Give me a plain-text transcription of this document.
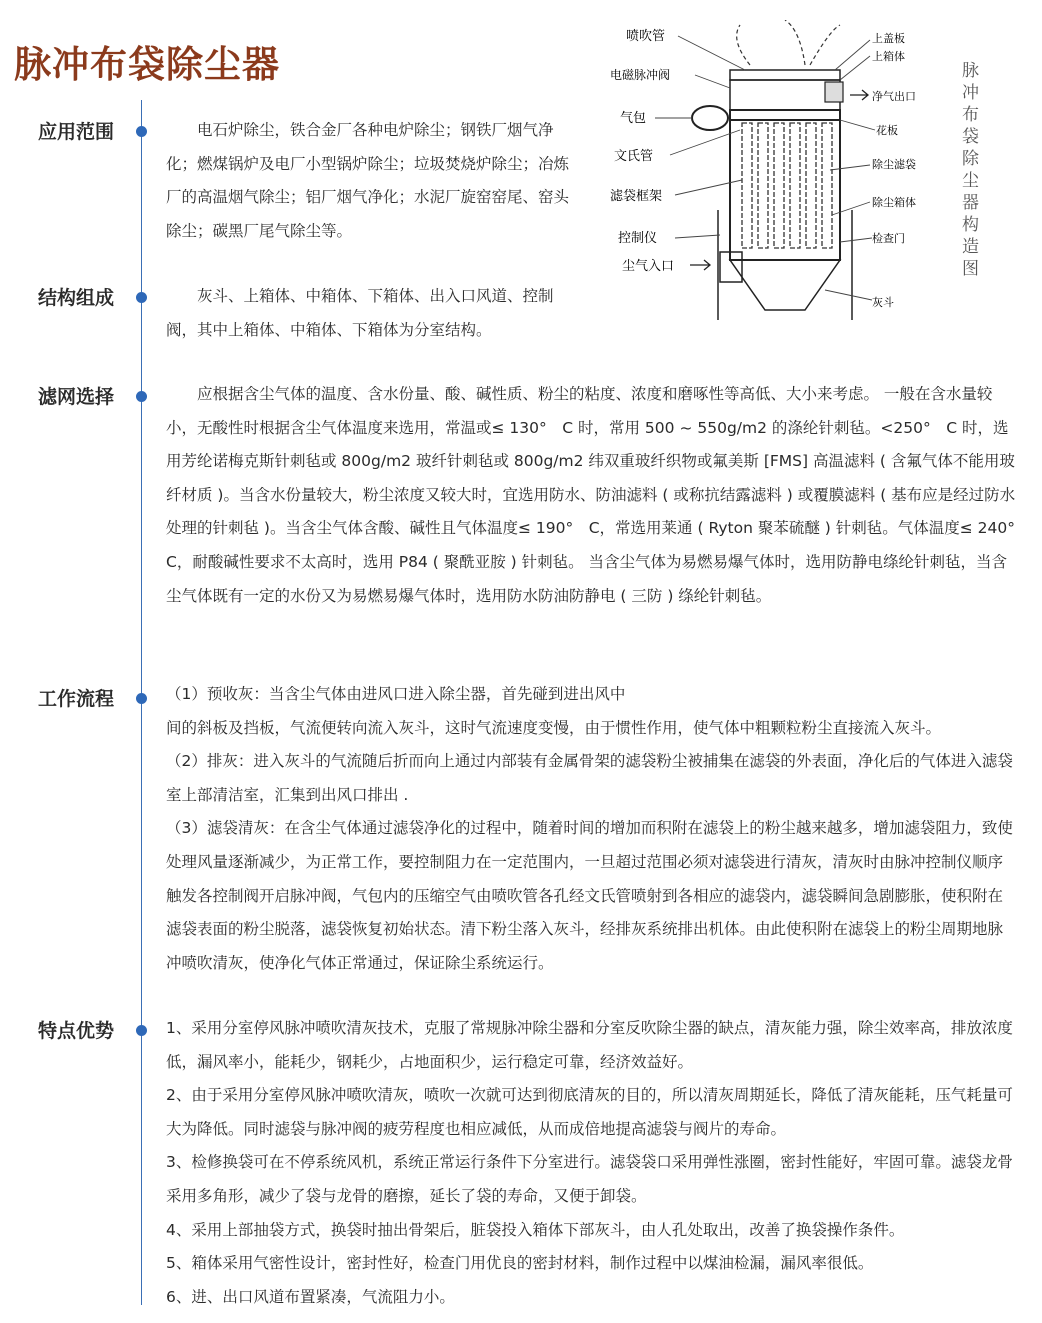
脉冲布袋除尘器
喷吹管
电磁脉冲阀
气包
文氏管
滤袋框架
控制仪
尘气入口
上盖板
上箱体
净气出口
花板
除尘滤袋
除尘箱体
检查门
灰斗
脉
冲
布
袋
除
尘
器
构
造
图
应用范围	电石炉除尘，铁合金厂各种电炉除尘；钢铁厂烟气净化；燃煤锅炉及电厂小型锅炉除尘；垃圾焚烧炉除尘；冶炼厂的高温烟气除尘；铝厂烟气净化；水泥厂旋窑窑尾、窑头除尘；碳黑厂尾气除尘等。

结构组成	灰斗、上箱体、中箱体、下箱体、出入口风道、控制阀，其中上箱体、中箱体、下箱体为分室结构。

滤网选择	应根据含尘气体的温度、含水份量、酸、碱性质、粉尘的粘度、浓度和磨啄性等高低、大小来考虑。 一般在含水量较小，无酸性时根据含尘气体温度来选用，常温或≤ 130°　C 时，常用 500 ~ 550g/m2 的涤纶针刺毡。<250°　C 时，选用芳纶诺梅克斯针刺毡或 800g/m2 玻纤针刺毡或 800g/m2 纬双重玻纤织物或氟美斯 [FMS] 高温滤料 ( 含氟气体不能用玻纤材质 )。当含水份量较大，粉尘浓度又较大时，宜选用防水、防油滤料 ( 或称抗结露滤料 ) 或覆膜滤料 ( 基布应是经过防水处理的针刺毡 )。当含尘气体含酸、碱性且气体温度≤ 190°　C，常选用莱通 ( Ryton 聚苯硫醚 ) 针刺毡。气体温度≤ 240°　C，耐酸碱性要求不太高时，选用 P84 ( 聚酰亚胺 ) 针刺毡。 当含尘气体为易燃易爆气体时，选用防静电绦纶针刺毡，当含尘气体既有一定的水份又为易燃易爆气体时，选用防水防油防静电 ( 三防 ) 绦纶针刺毡。

工作流程	（1）预收灰：当含尘气体由进风口进入除尘器，首先碰到进出风中

间的斜板及挡板，气流便转向流入灰斗，这时气流速度变慢，由于惯性作用，使气体中粗颗粒粉尘直接流入灰斗。

（2）排灰：进入灰斗的气流随后折而向上通过内部装有金属骨架的滤袋粉尘被捕集在滤袋的外表面，净化后的气体进入滤袋室上部清洁室，汇集到出风口排出 .

（3）滤袋清灰：在含尘气体通过滤袋净化的过程中，随着时间的增加而积附在滤袋上的粉尘越来越多，增加滤袋阻力，致使处理风量逐渐减少，为正常工作，要控制阻力在一定范围内，一旦超过范围必须对滤袋进行清灰，清灰时由脉冲控制仪顺序触发各控制阀开启脉冲阀，气包内的压缩空气由喷吹管各孔经文氏管喷射到各相应的滤袋内，滤袋瞬间急剧膨胀，使积附在滤袋表面的粉尘脱落，滤袋恢复初始状态。清下粉尘落入灰斗，经排灰系统排出机体。由此使积附在滤袋上的粉尘周期地脉冲喷吹清灰，使净化气体正常通过，保证除尘系统运行。

特点优势	1、采用分室停风脉冲喷吹清灰技术，克服了常规脉冲除尘器和分室反吹除尘器的缺点，清灰能力强，除尘效率高，排放浓度低，漏风率小，能耗少，钢耗少，占地面积少，运行稳定可靠，经济效益好。

2、由于采用分室停风脉冲喷吹清灰，喷吹一次就可达到彻底清灰的目的，所以清灰周期延长，降低了清灰能耗，压气耗量可大为降低。同时滤袋与脉冲阀的疲劳程度也相应减低，从而成倍地提高滤袋与阀片的寿命。

3、检修换袋可在不停系统风机，系统正常运行条件下分室进行。滤袋袋口采用弹性涨圈，密封性能好，牢固可靠。滤袋龙骨采用多角形，减少了袋与龙骨的磨擦，延长了袋的寿命，又便于卸袋。

4、采用上部抽袋方式，换袋时抽出骨架后，脏袋投入箱体下部灰斗，由人孔处取出，改善了换袋操作条件。

5、箱体采用气密性设计，密封性好，检查门用优良的密封材料，制作过程中以煤油检漏，漏风率很低。

6、进、出口风道布置紧凑，气流阻力小。
